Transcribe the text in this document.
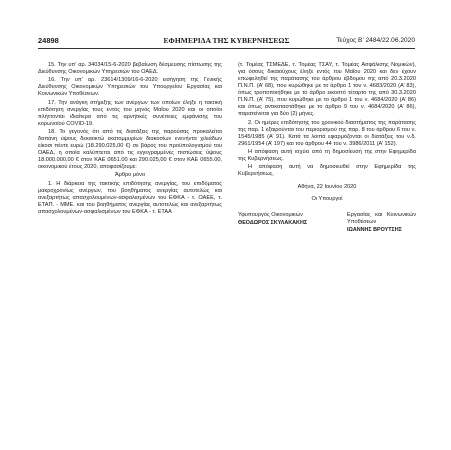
24898	ΕΦΗΜΕΡΙΔΑ ΤΗΣ ΚΥΒΕΡΝΗΣΕΩΣ	Τεύχος Β’ 2484/22.06.2020

15. Την υπ’ αρ. 34034/15-6-2020 βεβαίωση δέσμευσης πίστωσης της Διεύθυνσης Οικονομικών Υπηρεσιών του ΟΑΕΔ.

16. Την υπ’ αρ. 23614/1309/16-6-2020 εισήγηση της Γενικής Διεύθυνσης Οικονομικών Υπηρεσιών του Υπουργείου Εργασίας και Κοινωνικών Υποθέσεων.

17. Την ανάγκη στήριξης των ανέργων των οποίων έληξε η τακτική επιδότηση ανεργίας τους εντός του μηνός Μαΐου 2020 και οι οποίοι πλήττονται ιδιαίτερα από τις αρνητικές συνέπειες εμφάνισης του κορωνοϊού COVID-19.

18. Το γεγονός ότι από τις διατάξεις της παρούσας προκαλείται δαπάνη ύψους δεκαοκτώ εκατομμυρίων διακοσίων ενενήντα χιλιάδων είκοσι πέντε ευρώ (18.290.025,00 €) σε βάρος του προϋπολογισμού του ΟΑΕΔ, η οποία καλύπτεται από τις εγγεγραμμένες πιστώσεις ύψους 18.000.000,00 € στον ΚΑΕ 0651.00 και 290.025,00 € στον ΚΑΕ 0655.00, οικονομικού έτους 2020, αποφασίζουμε:

Άρθρο μόνο

1. Η διάρκεια της τακτικής επιδότησης ανεργίας, του επιδόματος μακροχρονίως ανέργων, του βοηθήματος ανεργίας αυτοτελώς και ανεξαρτήτως απασχολουμένων-ασφαλισμένων του ΕΦΚΑ - τ. ΟΑΕΕ, τ. ΕΤΑΠ. - ΜΜΕ. και του βοηθήματος ανεργίας αυτοτελώς και ανεξαρτήτως απασχολουμένων-ασφαλισμένων του ΕΦΚΑ - τ. ΕΤΑΑ

(τ. Τομέας ΤΣΜΕΔΕ, τ. Τομέας ΤΣΑΥ, τ. Τομέας Ασφάλισης Νομικών), για όσους δικαιούχους έληξε εντός του Μαΐου 2020 και δεν έχουν επωφεληθεί της παράτασης του άρθρου έβδομου της από 20.3.2020 Π.Ν.Π. (Α’ 68), που κυρώθηκε με το άρθρο 1 του ν. 4683/2020 (Α’ 83), όπως τροποποιήθηκε με το άρθρο εικοστό τέταρτο της από 30.3.2020 Π.Ν.Π. (Α’ 75), που κυρώθηκε με το άρθρο 1 του ν. 4684/2020 (Α’ 86) και όπως αντικαταστάθηκε με το άρθρο 9 του ν. 4684/2020 (Α’ 86), παρατείνεται για δύο (2) μήνες.

2. Οι ημέρες επιδότησης του χρονικού διαστήματος της παράτασης της παρ. 1 εξαιρούνται του περιορισμού της παρ. 8 του άρθρου 6 του ν. 1545/1985 (Α’ 91). Κατά τα λοιπά εφαρμόζονται οι διατάξεις του ν.δ. 2961/1954 (Α’ 197) και του άρθρου 44 του ν. 3986/2011 (Α’ 152).

Η απόφαση αυτή ισχύει από τη δημοσίευσή της στην Εφημερίδα της Κυβερνήσεως.

Η απόφαση αυτή να δημοσιευθεί στην Εφημερίδα της Κυβερνήσεως.

Αθήνα, 22 Ιουνίου 2020

Οι Υπουργοί

Υφυπουργός Οικονομικών
ΘΕΟΔΩΡΟΣ ΣΚΥΛΑΚΑΚΗΣ
Εργασίας και Κοινωνικών Υποθέσεων
ΙΩΑΝΝΗΣ ΒΡΟΥΤΣΗΣ
